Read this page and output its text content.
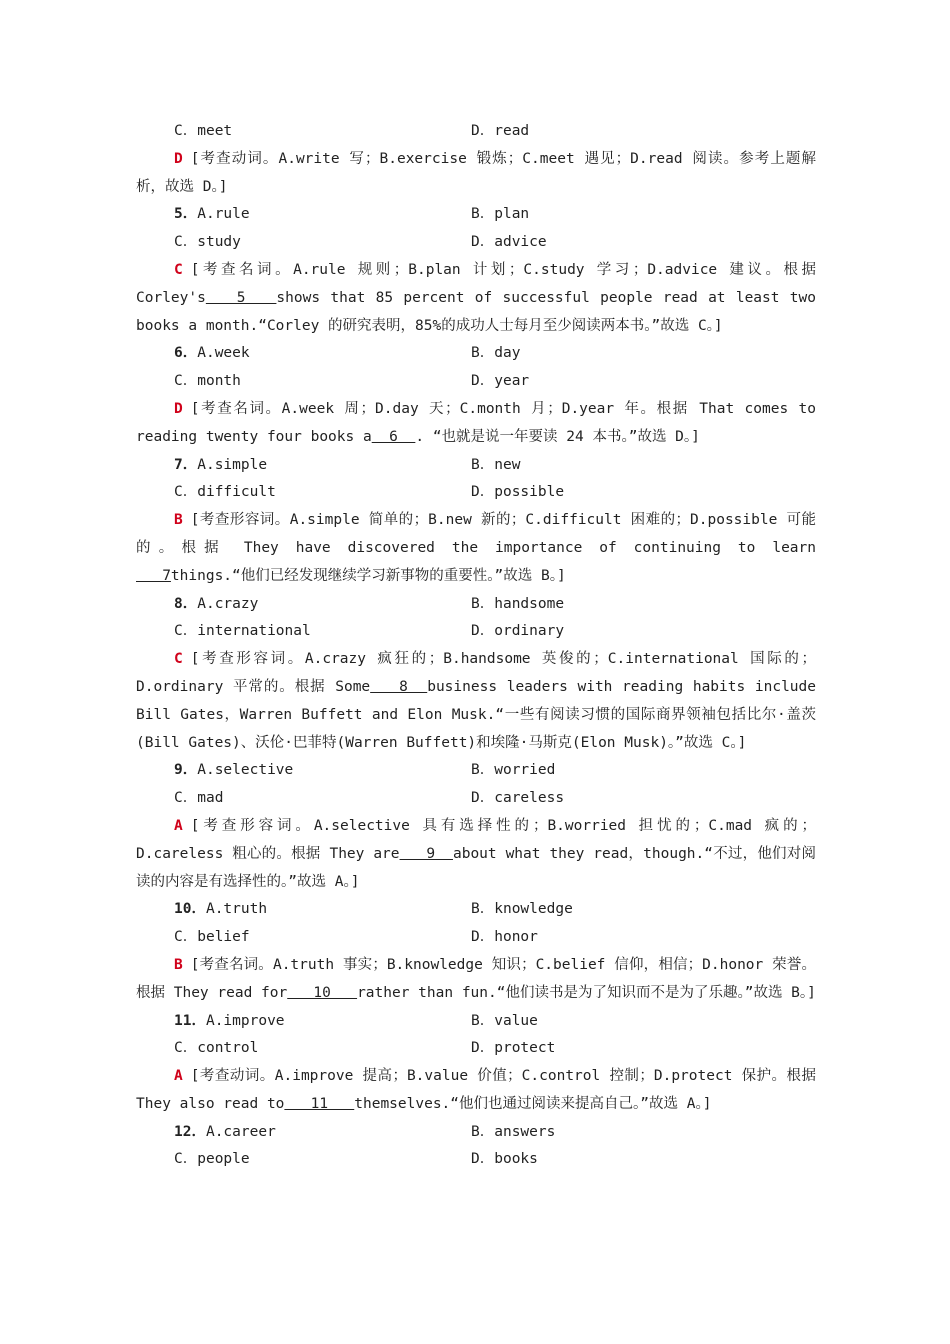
C．meet	D．read
D [考查动词。A.write 写；B.exercise 锻炼；C.meet 遇见；D.read 阅读。参考上题解析，故选 D。]
5．A.rule	B．plan
C．study	D．advice
C [考查名词。A.rule 规则；B.plan 计划；C.study 学习；D.advice 建议。根据 Corley's   5   shows that 85 percent of successful people read at least two books a month.“Corley 的研究表明，85%的成功人士每月至少阅读两本书。”故选 C。]
6．A.week	B．day
C．month	D．year
D [考查名词。A.week 周；D.day 天；C.month 月；D.year 年。根据 That comes to reading twenty four books a  6  . “也就是说一年要读 24 本书。”故选 D。]
7．A.simple	B．new
C．difficult	D．possible
B [考查形容词。A.simple 简单的；B.new 新的；C.difficult 困难的；D.possible 可能的。根据 They have discovered the importance of continuing to learn   7things.“他们已经发现继续学习新事物的重要性。”故选 B。]
8．A.crazy	B．handsome
C．international	D．ordinary
C [考查形容词。A.crazy 疯狂的；B.handsome 英俊的；C.international 国际的；D.ordinary 平常的。根据 Some   8  business leaders with reading habits include Bill Gates，Warren Buffett and Elon Musk.“一些有阅读习惯的国际商界领袖包括比尔·盖茨(Bill Gates)、沃伦·巴菲特(Warren Buffett)和埃隆·马斯克(Elon Musk)。”故选 C。]
9．A.selective	B．worried
C．mad	D．careless
A [考查形容词。A.selective 具有选择性的；B.worried 担忧的；C.mad 疯的；D.careless 粗心的。根据 They are   9  about what they read，though.“不过，他们对阅读的内容是有选择性的。”故选 A。]
10．A.truth	B．knowledge
C．belief	D．honor
B [考查名词。A.truth 事实；B.knowledge 知识；C.belief 信仰，相信；D.honor 荣誉。根据 They read for   10   rather than fun.“他们读书是为了知识而不是为了乐趣。”故选 B。]
11．A.improve	B．value
C．control	D．protect
A [考查动词。A.improve 提高；B.value 价值；C.control 控制；D.protect 保护。根据 They also read to   11   themselves.“他们也通过阅读来提高自己。”故选 A。]
12．A.career	B．answers
C．people	D．books
